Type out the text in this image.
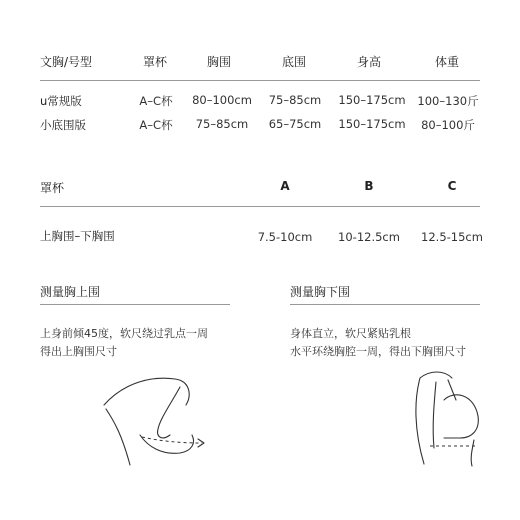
文胸/号型	罩杯	胸围	底围	身高	体重
u常规版	A–C杯	80–100cm	75–85cm	150–175cm	100–130斤
小底围版	A–C杯	75–85cm	65–75cm	150–175cm	80–100斤
罩杯	A	B	C
上胸围–下胸围	7.5-10cm	10-12.5cm	12.5-15cm
测量胸上围
上身前倾45度，软尺绕过乳点一周
得出上胸围尺寸
测量胸下围
身体直立，软尺紧贴乳根
水平环绕胸腔一周，得出下胸围尺寸
